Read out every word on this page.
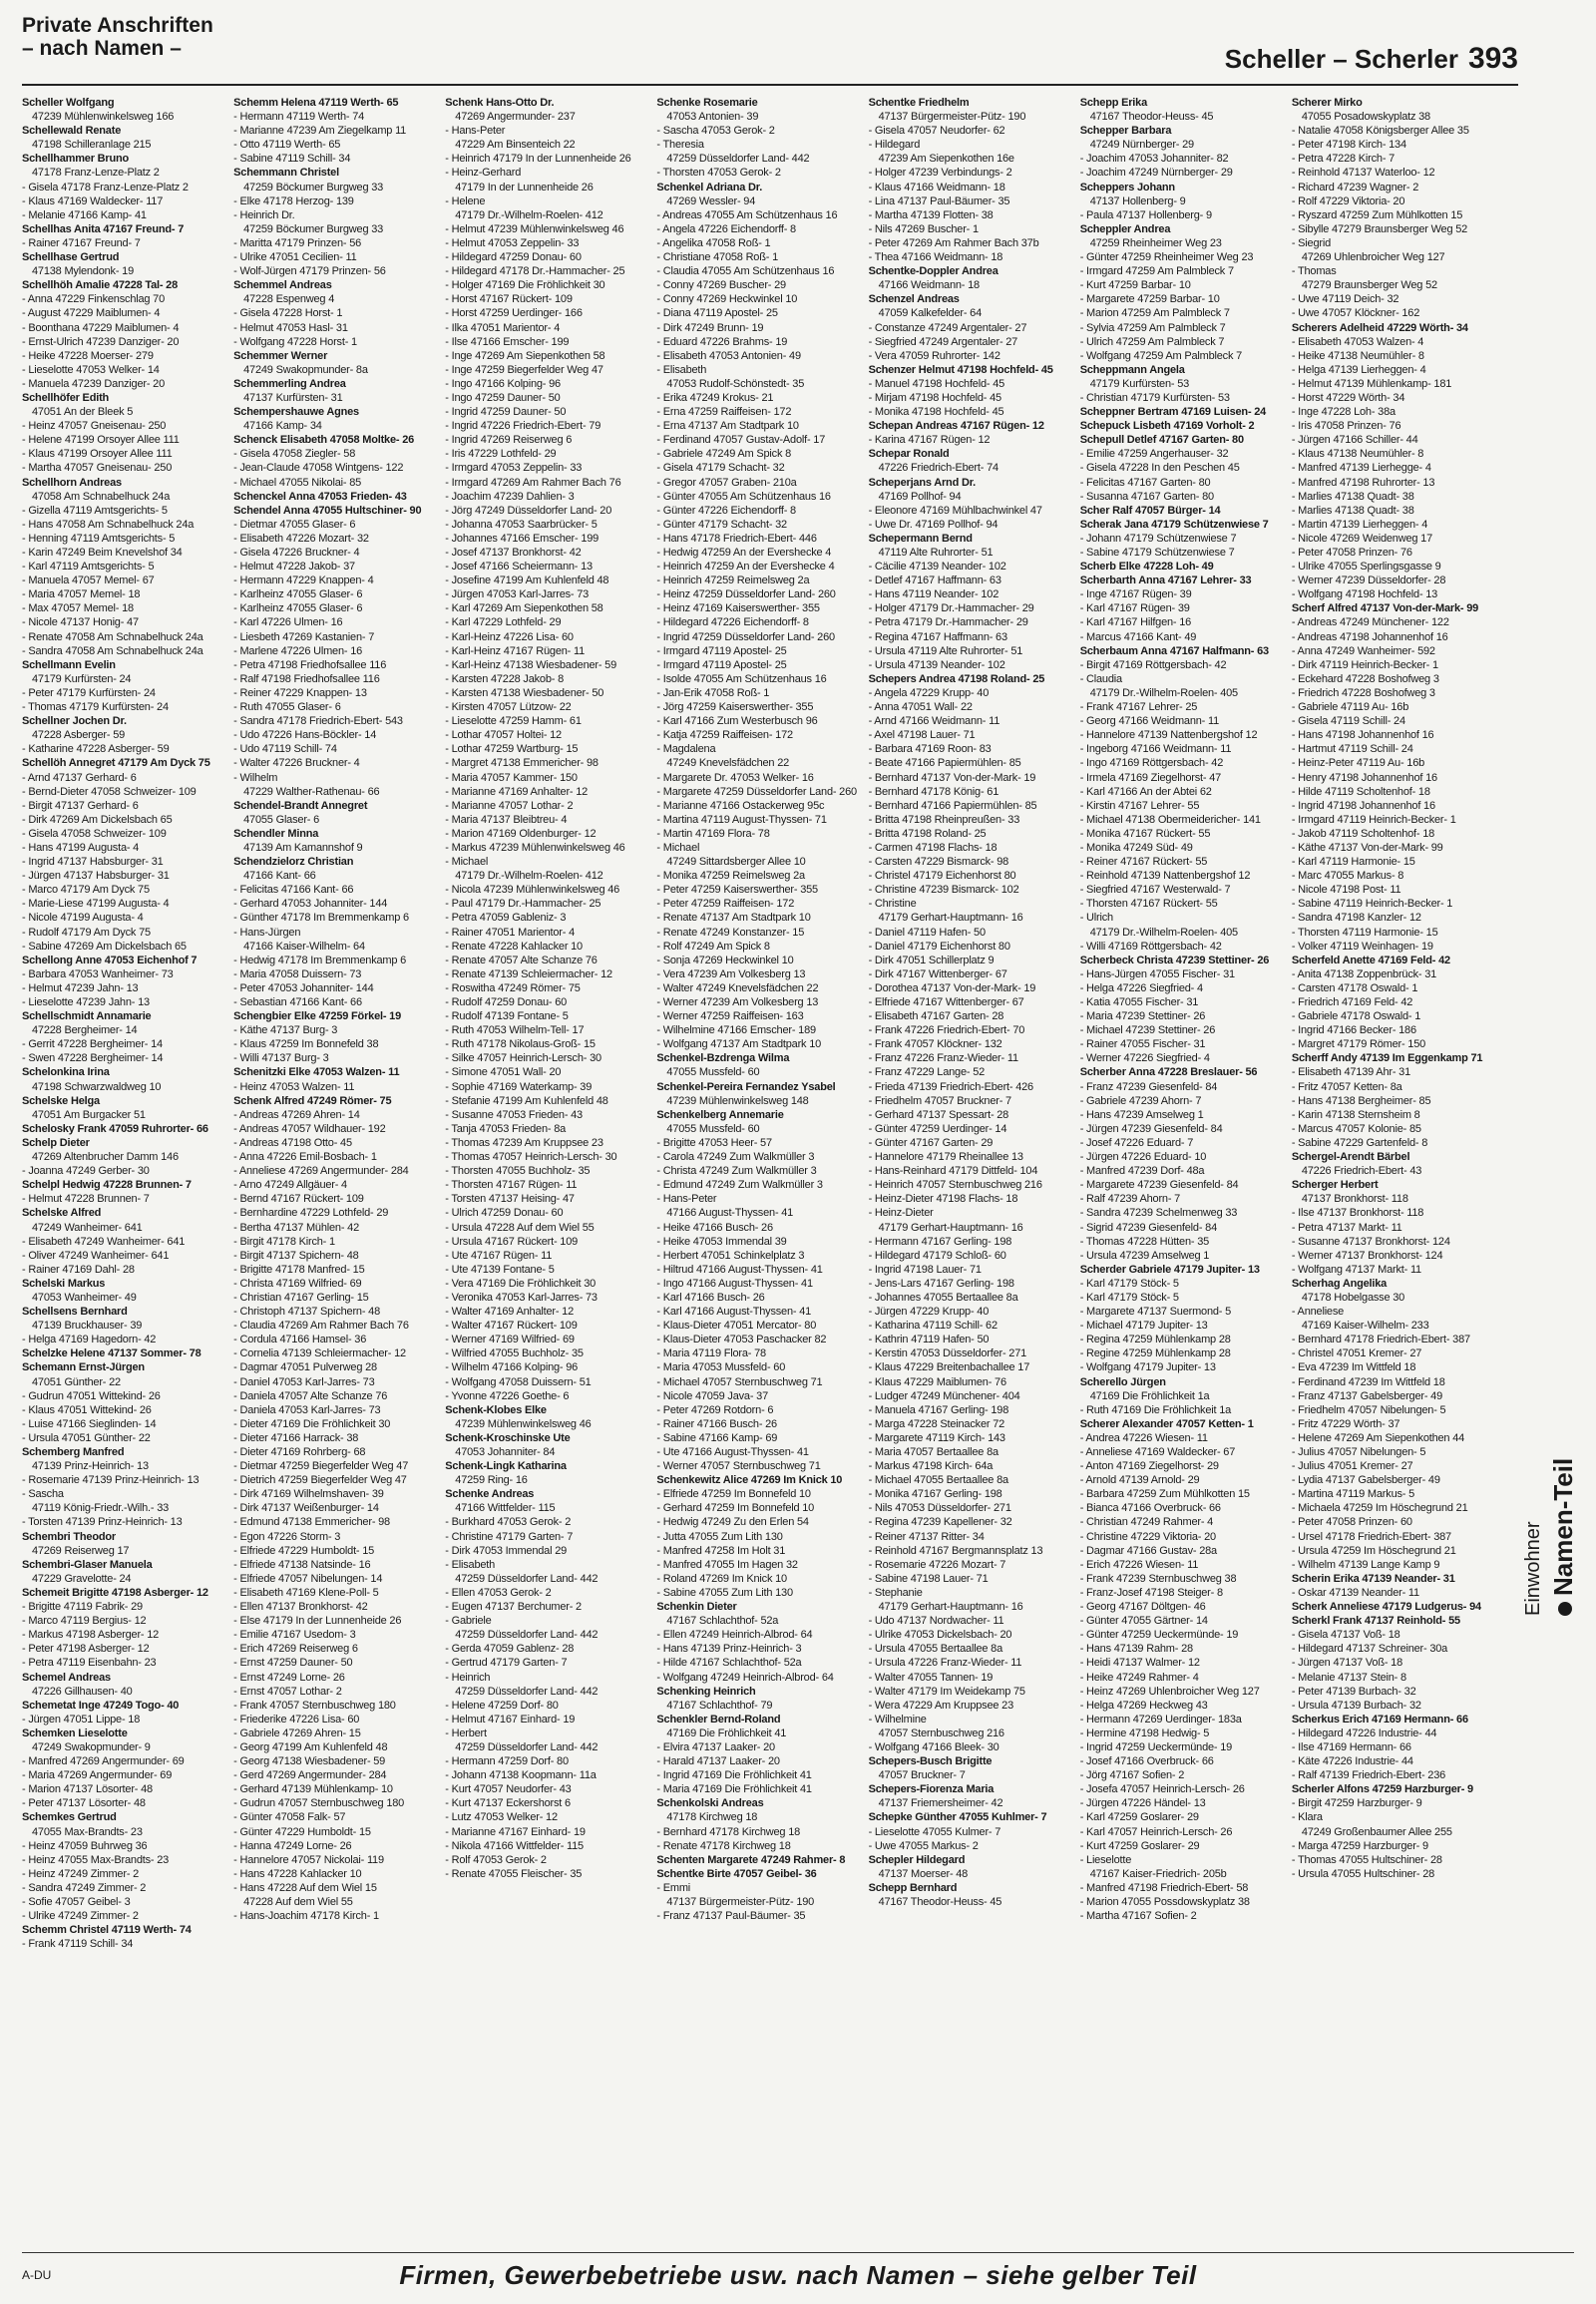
Private Anschriften
– nach Namen –	Scheller – Scherler 393
Scheller Wolfgang
47239 Mühlenwinkelsweg 166
Schellewald Renate
47198 Schilleranlage 215
Schellhammer Bruno
47178 Franz-Lenze-Platz 2
- Gisela 47178 Franz-Lenze-Platz 2
- Klaus 47169 Waldecker- 117
- Melanie 47166 Kamp- 41
Schellhas Anita 47167 Freund- 7
- Rainer 47167 Freund- 7
Schellhase Gertrud
47138 Mylendonk- 19
Schellhöh Amalie 47228 Tal- 28
- Anna 47229 Finkenschlag 70
- August 47229 Maiblumen- 4
- Boonthana 47229 Maiblumen- 4
- Ernst-Ulrich 47239 Danziger- 20
- Heike 47228 Moerser- 279
- Lieselotte 47053 Welker- 14
- Manuela 47239 Danziger- 20
Schellhöfer Edith
47051 An der Bleek 5
- Heinz 47057 Gneisenau- 250
- Helene 47199 Orsoyer Allee 111
- Klaus 47199 Orsoyer Allee 111
- Martha 47057 Gneisenau- 250
Schellhorn Andreas
47058 Am Schnabelhuck 24a
- Gizella 47119 Amtsgerichts- 5
- Hans 47058 Am Schnabelhuck 24a
- Henning 47119 Amtsgerichts- 5
- Karin 47249 Beim Knevelshof 34
- Karl 47119 Amtsgerichts- 5
- Manuela 47057 Memel- 67
- Maria 47057 Memel- 18
- Max 47057 Memel- 18
- Nicole 47137 Honig- 47
- Renate 47058 Am Schnabelhuck 24a
- Sandra 47058 Am Schnabelhuck 24a
Schellmann Evelin
47179 Kurfürsten- 24
- Peter 47179 Kurfürsten- 24
- Thomas 47179 Kurfürsten- 24
Schellner Jochen Dr.
47228 Asberger- 59
- Katharine 47228 Asberger- 59
Schellöh Annegret 47179 Am Dyck 75
- Arnd 47137 Gerhard- 6
- Bernd-Dieter 47058 Schweizer- 109
- Birgit 47137 Gerhard- 6
- Dirk 47269 Am Dickelsbach 65
- Gisela 47058 Schweizer- 109
- Hans 47199 Augusta- 4
- Ingrid 47137 Habsburger- 31
- Jürgen 47137 Habsburger- 31
- Marco 47179 Am Dyck 75
- Marie-Liese 47199 Augusta- 4
- Nicole 47199 Augusta- 4
- Rudolf 47179 Am Dyck 75
- Sabine 47269 Am Dickelsbach 65
Schellong Anne 47053 Eichenhof 7
- Barbara 47053 Wanheimer- 73
- Helmut 47239 Jahn- 13
- Lieselotte 47239 Jahn- 13
Schellschmidt Annamarie
47228 Bergheimer- 14
- Gerrit 47228 Bergheimer- 14
- Swen 47228 Bergheimer- 14
Schelonkina Irina
47198 Schwarzwaldweg 10
Schelske Helga
47051 Am Burgacker 51
Schelosky Frank 47059 Ruhrorter- 66
Schelp Dieter
47269 Altenbrucher Damm 146
- Joanna 47249 Gerber- 30
Schelpl Hedwig 47228 Brunnen- 7
- Helmut 47228 Brunnen- 7
Schelske Alfred
47249 Wanheimer- 641
- Elisabeth 47249 Wanheimer- 641
- Oliver 47249 Wanheimer- 641
- Rainer 47169 Dahl- 28
Schelski Markus
47053 Wanheimer- 49
Schellsens Bernhard
47139 Bruckhauser- 39
- Helga 47169 Hagedorn- 42
Schelzke Helene 47137 Sommer- 78
Schemann Ernst-Jürgen
47051 Günther- 22
- Gudrun 47051 Wittekind- 26
- Klaus 47051 Wittekind- 26
- Luise 47166 Sieglinden- 14
- Ursula 47051 Günther- 22
Schemberg Manfred
47139 Prinz-Heinrich- 13
- Rosemarie 47139 Prinz-Heinrich- 13
- Sascha
47119 König-Friedr.-Wilh.- 33
- Torsten 47139 Prinz-Heinrich- 13
Schembri Theodor
47269 Reiserweg 17
Schembri-Glaser Manuela
47229 Gravelotte- 24
Schemeit Brigitte 47198 Asberger- 12
- Brigitte 47119 Fabrik- 29
- Marco 47119 Bergius- 12
- Markus 47198 Asberger- 12
- Peter 47198 Asberger- 12
- Petra 47119 Eisenbahn- 23
Schemel Andreas
47226 Gillhausen- 40
Schemetat Inge 47249 Togo- 40
- Jürgen 47051 Lippe- 18
Schemken Lieselotte
47249 Swakopmunder- 9
- Manfred 47269 Angermunder- 69
- Maria 47269 Angermunder- 69
- Marion 47137 Lösorter- 48
- Peter 47137 Lösorter- 48
Schemkes Gertrud
47055 Max-Brandts- 23
- Heinz 47059 Buhrweg 36
- Heinz 47055 Max-Brandts- 23
- Heinz 47249 Zimmer- 2
- Sandra 47249 Zimmer- 2
- Sofie 47057 Geibel- 3
- Ulrike 47249 Zimmer- 2
Schemm Christel 47119 Werth- 74
- Frank 47119 Schill- 34
Schemm Helena 47119 Werth- 65
- Hermann 47119 Werth- 74
- Marianne 47239 Am Ziegelkamp 11
- Otto 47119 Werth- 65
- Sabine 47119 Schill- 34
Schemmann Christel
47259 Böckumer Burgweg 33
- Elke 47178 Herzog- 139
- Heinrich Dr.
47259 Böckumer Burgweg 33
- Maritta 47179 Prinzen- 56
- Ulrike 47051 Cecilien- 11
- Wolf-Jürgen 47179 Prinzen- 56
Schemmel Andreas
47228 Espenweg 4
- Gisela 47228 Horst- 1
- Helmut 47053 Hasl- 31
- Wolfgang 47228 Horst- 1
Schemmer Werner
47249 Swakopmunder- 8a
Schemmerling Andrea
47137 Kurfürsten- 31
Schempershauwe Agnes
47166 Kamp- 34
Schenck Elisabeth 47058 Moltke- 26
- Gisela 47058 Ziegler- 58
- Jean-Claude 47058 Wintgens- 122
- Michael 47055 Nikolai- 85
Schenckel Anna 47053 Frieden- 43
Schendel Anna 47055 Hultschiner- 90
- Dietmar 47055 Glaser- 6
- Elisabeth 47226 Mozart- 32
- Gisela 47226 Bruckner- 4
- Helmut 47228 Jakob- 37
- Hermann 47229 Knappen- 4
- Karlheinz 47055 Glaser- 6
- Karlheinz 47055 Glaser- 6
- Karl 47226 Ulmen- 16
- Liesbeth 47269 Kastanien- 7
- Marlene 47226 Ulmen- 16
- Petra 47198 Friedhofsallee 116
- Ralf 47198 Friedhofsallee 116
- Reiner 47229 Knappen- 13
- Ruth 47055 Glaser- 6
- Sandra 47178 Friedrich-Ebert- 543
- Udo 47226 Hans-Böckler- 14
- Udo 47119 Schill- 74
- Walter 47226 Bruckner- 4
- Wilhelm
47229 Walther-Rathenau- 66
Schendel-Brandt Annegret
47055 Glaser- 6
Schendler Minna
47139 Am Kamannshof 9
Schendzielorz Christian
47166 Kant- 66
- Felicitas 47166 Kant- 66
- Gerhard 47053 Johanniter- 144
- Günther 47178 Im Bremmenkamp 6
- Hans-Jürgen
47166 Kaiser-Wilhelm- 64
- Hedwig 47178 Im Bremmenkamp 6
- Maria 47058 Duissern- 73
- Peter 47053 Johanniter- 144
- Sebastian 47166 Kant- 66
Schengbier Elke 47259 Förkel- 19
- Käthe 47137 Burg- 3
- Klaus 47259 Im Bonnefeld 38
- Willi 47137 Burg- 3
Schenitzki Elke 47053 Walzen- 11
- Heinz 47053 Walzen- 11
Schenk Alfred 47249 Römer- 75
- Andreas 47269 Ahren- 14
- Andreas 47057 Wildhauer- 192
- Andreas 47198 Otto- 45
- Anna 47226 Emil-Bosbach- 1
- Anneliese 47269 Angermunder- 284
- Arno 47249 Allgäuer- 4
- Bernd 47167 Rückert- 109
- Bernhardine 47229 Lothfeld- 29
- Bertha 47137 Mühlen- 42
- Birgit 47178 Kirch- 1
- Birgit 47137 Spichern- 48
- Brigitte 47178 Manfred- 15
- Christa 47169 Wilfried- 69
- Christian 47167 Gerling- 15
- Christoph 47137 Spichern- 48
- Claudia 47269 Am Rahmer Bach 76
- Cordula 47166 Hamsel- 36
- Cornelia 47139 Schleiermacher- 12
- Dagmar 47051 Pulverweg 28
- Daniel 47053 Karl-Jarres- 73
- Daniela 47057 Alte Schanze 76
- Daniela 47053 Karl-Jarres- 73
- Dieter 47169 Die Fröhlichkeit 30
- Dieter 47166 Harrack- 38
- Dieter 47169 Rohrberg- 68
- Dietmar 47259 Biegerfelder Weg 47
- Dietrich 47259 Biegerfelder Weg 47
- Dirk 47169 Wilhelmshaven- 39
- Dirk 47137 Weißenburger- 14
- Edmund 47138 Emmericher- 98
- Egon 47226 Storm- 3
- Elfriede 47229 Humboldt- 15
- Elfriede 47138 Natsinde- 16
- Elfriede 47057 Nibelungen- 14
- Elisabeth 47169 Klene-Poll- 5
- Ellen 47137 Bronkhorst- 42
- Else 47179 In der Lunnenheide 26
- Emilie 47167 Usedom- 3
- Erich 47269 Reiserweg 6
- Ernst 47259 Dauner- 50
- Ernst 47249 Lorne- 26
- Ernst 47057 Lothar- 2
- Frank 47057 Sternbuschweg 180
- Friederike 47226 Lisa- 60
- Gabriele 47269 Ahren- 15
- Georg 47199 Am Kuhlenfeld 48
- Georg 47138 Wiesbadener- 59
- Gerd 47269 Angermunder- 284
- Gerhard 47139 Mühlenkamp- 10
- Gudrun 47057 Sternbuschweg 180
- Günter 47058 Falk- 57
- Günter 47229 Humboldt- 15
- Hanna 47249 Lorne- 26
- Hannelore 47057 Nickolai- 119
- Hans 47228 Kahlacker 10
- Hans 47228 Auf dem Wiel 15
47228 Auf dem Wiel 55
- Hans-Joachim 47178 Kirch- 1
Schenk Hans-Otto Dr.
47269 Angermunder- 237
- Hans-Peter
47229 Am Binsenteich 22
- Heinrich 47179 In der Lunnenheide 26
- Heinz-Gerhard
47179 In der Lunnenheide 26
- Helene
47179 Dr.-Wilhelm-Roelen- 412
- Helmut 47239 Mühlenwinkelsweg 46
- Helmut 47053 Zeppelin- 33
- Hildegard 47259 Donau- 60
- Hildegard 47178 Dr.-Hammacher- 25
- Holger 47169 Die Fröhlichkeit 30
- Horst 47167 Rückert- 109
- Horst 47259 Uerdinger- 166
- Ilka 47051 Marientor- 4
- Ilse 47166 Emscher- 199
- Inge 47269 Am Siepenkothen 58
- Inge 47259 Biegerfelder Weg 47
- Ingo 47166 Kolping- 96
- Ingo 47259 Dauner- 50
- Ingrid 47259 Dauner- 50
- Ingrid 47226 Friedrich-Ebert- 79
- Ingrid 47269 Reiserweg 6
- Iris 47229 Lothfeld- 29
- Irmgard 47053 Zeppelin- 33
- Irmgard 47269 Am Rahmer Bach 76
- Joachim 47239 Dahlien- 3
- Jörg 47249 Düsseldorfer Land- 20
- Johanna 47053 Saarbrücker- 5
- Johannes 47166 Emscher- 199
- Josef 47137 Bronkhorst- 42
- Josef 47166 Scheiermann- 13
- Josefine 47199 Am Kuhlenfeld 48
- Jürgen 47053 Karl-Jarres- 73
- Karl 47269 Am Siepenkothen 58
- Karl 47229 Lothfeld- 29
- Karl-Heinz 47226 Lisa- 60
- Karl-Heinz 47167 Rügen- 11
- Karl-Heinz 47138 Wiesbadener- 59
- Karsten 47228 Jakob- 8
- Karsten 47138 Wiesbadener- 50
- Kirsten 47057 Lützow- 22
- Lieselotte 47259 Hamm- 61
- Lothar 47057 Holtei- 12
- Lothar 47259 Wartburg- 15
- Margret 47138 Emmericher- 98
- Maria 47057 Kammer- 150
- Marianne 47169 Anhalter- 12
- Marianne 47057 Lothar- 2
- Maria 47137 Bleibtreu- 4
- Marion 47169 Oldenburger- 12
- Markus 47239 Mühlenwinkelsweg 46
- Michael
47179 Dr.-Wilhelm-Roelen- 412
- Nicola 47239 Mühlenwinkelsweg 46
- Paul 47179 Dr.-Hammacher- 25
- Petra 47059 Gableniz- 3
- Rainer 47051 Marientor- 4
- Renate 47228 Kahlacker 10
- Renate 47057 Alte Schanze 76
- Renate 47139 Schleiermacher- 12
- Roswitha 47249 Römer- 75
- Rudolf 47259 Donau- 60
- Rudolf 47139 Fontane- 5
- Ruth 47053 Wilhelm-Tell- 17
- Ruth 47178 Nikolaus-Groß- 15
- Silke 47057 Heinrich-Lersch- 30
- Simone 47051 Wall- 20
- Sophie 47169 Waterkamp- 39
- Stefanie 47199 Am Kuhlenfeld 48
- Susanne 47053 Frieden- 43
- Tanja 47053 Frieden- 8a
- Thomas 47239 Am Kruppsee 23
- Thomas 47057 Heinrich-Lersch- 30
- Thorsten 47055 Buchholz- 35
- Thorsten 47167 Rügen- 11
- Torsten 47137 Heising- 47
- Ulrich 47259 Donau- 60
- Ursula 47228 Auf dem Wiel 55
- Ursula 47167 Rückert- 109
- Ute 47167 Rügen- 11
- Ute 47139 Fontane- 5
- Vera 47169 Die Fröhlichkeit 30
- Veronika 47053 Karl-Jarres- 73
- Walter 47169 Anhalter- 12
- Walter 47167 Rückert- 109
- Werner 47169 Wilfried- 69
- Wilfried 47055 Buchholz- 35
- Wilhelm 47166 Kolping- 96
- Wolfgang 47058 Duissern- 51
- Yvonne 47226 Goethe- 6
Schenk-Klobes Elke
47239 Mühlenwinkelsweg 46
Schenk-Kroschinske Ute
47053 Johanniter- 84
Schenk-Lingk Katharina
47259 Ring- 16
Schenke Andreas
47166 Wittfelder- 115
- Burkhard 47053 Gerok- 2
- Christine 47179 Garten- 7
- Dirk 47053 Immendal 29
- Elisabeth
47259 Düsseldorfer Land- 442
- Ellen 47053 Gerok- 2
- Eugen 47137 Berchumer- 2
- Gabriele
47259 Düsseldorfer Land- 442
- Gerda 47059 Gablenz- 28
- Gertrud 47179 Garten- 7
- Heinrich
47259 Düsseldorfer Land- 442
- Helene 47259 Dorf- 80
- Helmut 47167 Einhard- 19
- Herbert
47259 Düsseldorfer Land- 442
- Hermann 47259 Dorf- 80
- Johann 47138 Koopmann- 11a
- Kurt 47057 Neudorfer- 43
- Kurt 47137 Eckershorst 6
- Lutz 47053 Welker- 12
- Marianne 47167 Einhard- 19
- Nikola 47166 Wittfelder- 115
- Rolf 47053 Gerok- 2
- Renate 47055 Fleischer- 35
Schenke Rosemarie
47053 Antonien- 39
- Sascha 47053 Gerok- 2
- Theresia
47259 Düsseldorfer Land- 442
- Thorsten 47053 Gerok- 2
Schenkel Adriana Dr.
47269 Wessler- 94
- Andreas 47055 Am Schützenhaus 16
- Angela 47226 Eichendorff- 8
- Angelika 47058 Roß- 1
- Christiane 47058 Roß- 1
- Claudia 47055 Am Schützenhaus 16
- Conny 47269 Buscher- 29
- Conny 47269 Heckwinkel 10
- Diana 47119 Apostel- 25
- Dirk 47249 Brunn- 19
- Eduard 47226 Brahms- 19
- Elisabeth 47053 Antonien- 49
- Elisabeth
47053 Rudolf-Schönstedt- 35
- Erika 47249 Krokus- 21
- Erna 47259 Raiffeisen- 172
- Erna 47137 Am Stadtpark 10
- Ferdinand 47057 Gustav-Adolf- 17
- Gabriele 47249 Am Spick 8
- Gisela 47179 Schacht- 32
- Gregor 47057 Graben- 210a
- Günter 47055 Am Schützenhaus 16
- Günter 47226 Eichendorff- 8
- Günter 47179 Schacht- 32
- Hans 47178 Friedrich-Ebert- 446
- Hedwig 47259 An der Evershecke 4
- Heinrich 47259 An der Evershecke 4
- Heinrich 47259 Reimelsweg 2a
- Heinz 47259 Düsseldorfer Land- 260
- Heinz 47169 Kaiserswerther- 355
- Hildegard 47226 Eichendorff- 8
- Ingrid 47259 Düsseldorfer Land- 260
- Irmgard 47119 Apostel- 25
- Irmgard 47119 Apostel- 25
- Isolde 47055 Am Schützenhaus 16
- Jan-Erik 47058 Roß- 1
- Jörg 47259 Kaiserswerther- 355
- Karl 47166 Zum Westerbusch 96
- Katja 47259 Raiffeisen- 172
- Magdalena
47249 Knevelsfädchen 22
- Margarete Dr. 47053 Welker- 16
- Margarete 47259 Düsseldorfer Land- 260
- Marianne 47166 Ostackerweg 95c
- Martina 47119 August-Thyssen- 71
- Martin 47169 Flora- 78
- Michael
47249 Sittardsberger Allee 10
- Monika 47259 Reimelsweg 2a
- Peter 47259 Kaiserswerther- 355
- Peter 47259 Raiffeisen- 172
- Renate 47137 Am Stadtpark 10
- Renate 47249 Konstanzer- 15
- Rolf 47249 Am Spick 8
- Sonja 47269 Heckwinkel 10
- Vera 47239 Am Volkesberg 13
- Walter 47249 Knevelsfädchen 22
- Werner 47239 Am Volkesberg 13
- Werner 47259 Raiffeisen- 163
- Wilhelmine 47166 Emscher- 189
- Wolfgang 47137 Am Stadtpark 10
Schenkel-Bzdrenga Wilma
47055 Mussfeld- 60
Schenkel-Pereira Fernandez Ysabel
47239 Mühlenwinkelsweg 148
Schenkelberg Annemarie
47055 Mussfeld- 60
- Brigitte 47053 Heer- 57
- Carola 47249 Zum Walkmüller 3
- Christa 47249 Zum Walkmüller 3
- Edmund 47249 Zum Walkmüller 3
- Hans-Peter
47166 August-Thyssen- 41
- Heike 47166 Busch- 26
- Heike 47053 Immendal 39
- Herbert 47051 Schinkelplatz 3
- Hiltrud 47166 August-Thyssen- 41
- Ingo 47166 August-Thyssen- 41
- Karl 47166 Busch- 26
- Karl 47166 August-Thyssen- 41
- Klaus-Dieter 47051 Mercator- 80
- Klaus-Dieter 47053 Paschacker 82
- Maria 47119 Flora- 78
- Maria 47053 Mussfeld- 60
- Michael 47057 Sternbuschweg 71
- Nicole 47059 Java- 37
- Peter 47269 Rotdorn- 6
- Rainer 47166 Busch- 26
- Sabine 47166 Kamp- 69
- Ute 47166 August-Thyssen- 41
- Werner 47057 Sternbuschweg 71
Schenkewitz Alice 47269 Im Knick 10
- Elfriede 47259 Im Bonnefeld 10
- Gerhard 47259 Im Bonnefeld 10
- Hedwig 47249 Zu den Erlen 54
- Jutta 47055 Zum Lith 130
- Manfred 47258 Im Holt 31
- Manfred 47055 Im Hagen 32
- Roland 47269 Im Knick 10
- Sabine 47055 Zum Lith 130
Schenkin Dieter
47167 Schlachthof- 52a
- Ellen 47249 Heinrich-Albrod- 64
- Hans 47139 Prinz-Heinrich- 3
- Hilde 47167 Schlachthof- 52a
- Wolfgang 47249 Heinrich-Albrod- 64
Schenking Heinrich
47167 Schlachthof- 79
Schenkler Bernd-Roland
47169 Die Fröhlichkeit 41
- Elvira 47137 Laaker- 20
- Harald 47137 Laaker- 20
- Ingrid 47169 Die Fröhlichkeit 41
- Maria 47169 Die Fröhlichkeit 41
Schenkolski Andreas
47178 Kirchweg 18
- Bernhard 47178 Kirchweg 18
- Renate 47178 Kirchweg 18
Schenten Margarete 47249 Rahmer- 8
Schentke Birte 47057 Geibel- 36
- Emmi
47137 Bürgermeister-Pütz- 190
- Franz 47137 Paul-Bäumer- 35
Schentke Friedhelm
47137 Bürgermeister-Pütz- 190
- Gisela 47057 Neudorfer- 62
- Hildegard
47239 Am Siepenkothen 16e
- Holger 47239 Verbindungs- 2
- Klaus 47166 Weidmann- 18
- Lina 47137 Paul-Bäumer- 35
- Martha 47139 Flotten- 38
- Nils 47269 Buscher- 1
- Peter 47269 Am Rahmer Bach 37b
- Thea 47166 Weidmann- 18
Schentke-Doppler Andrea
47166 Weidmann- 18
Schenzel Andreas
47059 Kalkefelder- 64
- Constanze 47249 Argentaler- 27
- Siegfried 47249 Argentaler- 27
- Vera 47059 Ruhrorter- 142
Schenzer Helmut 47198 Hochfeld- 45
- Manuel 47198 Hochfeld- 45
- Mirjam 47198 Hochfeld- 45
- Monika 47198 Hochfeld- 45
Schepan Andreas 47167 Rügen- 12
- Karina 47167 Rügen- 12
Schepar Ronald
47226 Friedrich-Ebert- 74
Scheperjans Arnd Dr.
47169 Pollhof- 94
- Eleonore 47169 Mühlbachwinkel 47
- Uwe Dr. 47169 Pollhof- 94
Schepermann Bernd
47119 Alte Ruhrorter- 51
- Cäcilie 47139 Neander- 102
- Detlef 47167 Haffmann- 63
- Hans 47119 Neander- 102
- Holger 47179 Dr.-Hammacher- 29
- Petra 47179 Dr.-Hammacher- 29
- Regina 47167 Haffmann- 63
- Ursula 47119 Alte Ruhrorter- 51
- Ursula 47139 Neander- 102
Schepers Andrea 47198 Roland- 25
- Angela 47229 Krupp- 40
- Anna 47051 Wall- 22
- Arnd 47166 Weidmann- 11
- Axel 47198 Lauer- 71
- Barbara 47169 Roon- 83
- Beate 47166 Papiermühlen- 85
- Bernhard 47137 Von-der-Mark- 19
- Bernhard 47178 König- 61
- Bernhard 47166 Papiermühlen- 85
- Britta 47198 Rheinpreußen- 33
- Britta 47198 Roland- 25
- Carmen 47198 Flachs- 18
- Carsten 47229 Bismarck- 98
- Christel 47179 Eichenhorst 80
- Christine 47239 Bismarck- 102
- Christine
47179 Gerhart-Hauptmann- 16
- Daniel 47119 Hafen- 50
- Daniel 47179 Eichenhorst 80
- Dirk 47051 Schillerplatz 9
- Dirk 47167 Wittenberger- 67
- Dorothea 47137 Von-der-Mark- 19
- Elfriede 47167 Wittenberger- 67
- Elisabeth 47167 Garten- 28
- Frank 47226 Friedrich-Ebert- 70
- Frank 47057 Klöckner- 132
- Franz 47226 Franz-Wieder- 11
- Franz 47229 Lange- 52
- Frieda 47139 Friedrich-Ebert- 426
- Friedhelm 47057 Bruckner- 7
- Gerhard 47137 Spessart- 28
- Günter 47259 Uerdinger- 14
- Günter 47167 Garten- 29
- Hannelore 47179 Rheinallee 13
- Hans-Reinhard 47179 Dittfeld- 104
- Heinrich 47057 Sternbuschweg 216
- Heinz-Dieter 47198 Flachs- 18
- Heinz-Dieter
47179 Gerhart-Hauptmann- 16
- Hermann 47167 Gerling- 198
- Hildegard 47179 Schloß- 60
- Ingrid 47198 Lauer- 71
- Jens-Lars 47167 Gerling- 198
- Johannes 47055 Bertaallee 8a
- Jürgen 47229 Krupp- 40
- Katharina 47119 Schill- 62
- Kathrin 47119 Hafen- 50
- Kerstin 47053 Düsseldorfer- 271
- Klaus 47229 Breitenbachallee 17
- Klaus 47229 Maiblumen- 76
- Ludger 47249 Münchener- 404
- Manuela 47167 Gerling- 198
- Marga 47228 Steinacker 72
- Margarete 47119 Kirch- 143
- Maria 47057 Bertaallee 8a
- Markus 47198 Kirch- 64a
- Michael 47055 Bertaallee 8a
- Monika 47167 Gerling- 198
- Nils 47053 Düsseldorfer- 271
- Regina 47239 Kapellener- 32
- Reiner 47137 Ritter- 34
- Reinhold 47167 Bergmannsplatz 13
- Rosemarie 47226 Mozart- 7
- Sabine 47198 Lauer- 71
- Stephanie
47179 Gerhart-Hauptmann- 16
- Udo 47137 Nordwacher- 11
- Ulrike 47053 Dickelsbach- 20
- Ursula 47055 Bertaallee 8a
- Ursula 47226 Franz-Wieder- 11
- Walter 47055 Tannen- 19
- Walter 47179 Im Weidekamp 75
- Wera 47229 Am Kruppsee 23
- Wilhelmine
47057 Sternbuschweg 216
- Wolfgang 47166 Bleek- 30
Schepers-Busch Brigitte
47057 Bruckner- 7
Schepers-Fiorenza Maria
47137 Friemersheimer- 42
Schepke Günther 47055 Kuhlmer- 7
- Lieselotte 47055 Kulmer- 7
- Uwe 47055 Markus- 2
Schepler Hildegard
47137 Moerser- 48
Schepp Bernhard
47167 Theodor-Heuss- 45
Schepp Erika
47167 Theodor-Heuss- 45
Schepper Barbara
47249 Nürnberger- 29
- Joachim 47053 Johanniter- 82
- Joachim 47249 Nürnberger- 29
Scheppers Johann
47137 Hollenberg- 9
- Paula 47137 Hollenberg- 9
Scheppler Andrea
47259 Rheinheimer Weg 23
- Günter 47259 Rheinheimer Weg 23
- Irmgard 47259 Am Palmbleck 7
- Kurt 47259 Barbar- 10
- Margarete 47259 Barbar- 10
- Marion 47259 Am Palmbleck 7
- Sylvia 47259 Am Palmbleck 7
- Ulrich 47259 Am Palmbleck 7
- Wolfgang 47259 Am Palmbleck 7
Scheppmann Angela
47179 Kurfürsten- 53
- Christian 47179 Kurfürsten- 53
Scheppner Bertram 47169 Luisen- 24
Schepuck Lisbeth 47169 Vorholt- 2
Schepull Detlef 47167 Garten- 80
- Emilie 47259 Angerhauser- 32
- Gisela 47228 In den Peschen 45
- Felicitas 47167 Garten- 80
- Susanna 47167 Garten- 80
Scher Ralf 47057 Bürger- 14
Scherak Jana 47179 Schützenwiese 7
- Johann 47179 Schützenwiese 7
- Sabine 47179 Schützenwiese 7
Scherb Elke 47228 Loh- 49
Scherbarth Anna 47167 Lehrer- 33
- Inge 47167 Rügen- 39
- Karl 47167 Rügen- 39
- Karl 47167 Hilfgen- 16
- Marcus 47166 Kant- 49
Scherbaum Anna 47167 Halfmann- 63
- Birgit 47169 Röttgersbach- 42
- Claudia
47179 Dr.-Wilhelm-Roelen- 405
- Frank 47167 Lehrer- 25
- Georg 47166 Weidmann- 11
- Hannelore 47139 Nattenbergshof 12
- Ingeborg 47166 Weidmann- 11
- Ingo 47169 Röttgersbach- 42
- Irmela 47169 Ziegelhorst- 47
- Karl 47166 An der Abtei 62
- Kirstin 47167 Lehrer- 55
- Michael 47138 Obermeidericher- 141
- Monika 47167 Rückert- 55
- Monika 47249 Süd- 49
- Reiner 47167 Rückert- 55
- Reinhold 47139 Nattenbergshof 12
- Siegfried 47167 Westerwald- 7
- Thorsten 47167 Rückert- 55
- Ulrich
47179 Dr.-Wilhelm-Roelen- 405
- Willi 47169 Röttgersbach- 42
Scherbeck Christa 47239 Stettiner- 26
- Hans-Jürgen 47055 Fischer- 31
- Helga 47226 Siegfried- 4
- Katia 47055 Fischer- 31
- Maria 47239 Stettiner- 26
- Michael 47239 Stettiner- 26
- Rainer 47055 Fischer- 31
- Werner 47226 Siegfried- 4
Scherber Anna 47228 Breslauer- 56
- Franz 47239 Giesenfeld- 84
- Gabriele 47239 Ahorn- 7
- Hans 47239 Amselweg 1
- Jürgen 47239 Giesenfeld- 84
- Josef 47226 Eduard- 7
- Jürgen 47226 Eduard- 10
- Manfred 47239 Dorf- 48a
- Margarete 47239 Giesenfeld- 84
- Ralf 47239 Ahorn- 7
- Sandra 47239 Schelmenweg 33
- Sigrid 47239 Giesenfeld- 84
- Thomas 47228 Hütten- 35
- Ursula 47239 Amselweg 1
Scherder Gabriele 47179 Jupiter- 13
- Karl 47179 Stöck- 5
- Karl 47179 Stöck- 5
- Margarete 47137 Suermond- 5
- Michael 47179 Jupiter- 13
- Regina 47259 Mühlenkamp 28
- Regine 47259 Mühlenkamp 28
- Wolfgang 47179 Jupiter- 13
Scherello Jürgen
47169 Die Fröhlichkeit 1a
- Ruth 47169 Die Fröhlichkeit 1a
Scherer Alexander 47057 Ketten- 1
- Andrea 47226 Wiesen- 11
- Anneliese 47169 Waldecker- 67
- Anton 47169 Ziegelhorst- 29
- Arnold 47139 Arnold- 29
- Barbara 47259 Zum Mühlkotten 15
- Bianca 47166 Overbruck- 66
- Christian 47249 Rahmer- 4
- Christine 47229 Viktoria- 20
- Dagmar 47166 Gustav- 28a
- Erich 47226 Wiesen- 11
- Frank 47239 Sternbuschweg 38
- Franz-Josef 47198 Steiger- 8
- Georg 47167 Döltgen- 46
- Günter 47055 Gärtner- 14
- Günter 47259 Ueckermünde- 19
- Hans 47139 Rahm- 28
- Heidi 47137 Walmer- 12
- Heike 47249 Rahmer- 4
- Heinz 47269 Uhlenbroicher Weg 127
- Helga 47269 Heckweg 43
- Hermann 47269 Uerdinger- 183a
- Hermine 47198 Hedwig- 5
- Ingrid 47259 Ueckermünde- 19
- Josef 47166 Overbruck- 66
- Jörg 47167 Sofien- 2
- Josefa 47057 Heinrich-Lersch- 26
- Jürgen 47226 Händel- 13
- Karl 47259 Goslarer- 29
- Karl 47057 Heinrich-Lersch- 26
- Kurt 47259 Goslarer- 29
- Lieselotte
47167 Kaiser-Friedrich- 205b
- Manfred 47198 Friedrich-Ebert- 58
- Marion 47055 Possdowskyplatz 38
- Martha 47167 Sofien- 2
Scherer Mirko
47055 Posadowskyplatz 38
- Natalie 47058 Königsberger Allee 35
- Peter 47198 Kirch- 134
- Petra 47228 Kirch- 7
- Reinhold 47137 Waterloo- 12
- Richard 47239 Wagner- 2
- Rolf 47229 Viktoria- 20
- Ryszard 47259 Zum Mühlkotten 15
- Sibylle 47279 Braunsberger Weg 52
- Siegrid
47269 Uhlenbroicher Weg 127
- Thomas
47279 Braunsberger Weg 52
- Uwe 47119 Deich- 32
- Uwe 47057 Klöckner- 162
Scherers Adelheid 47229 Wörth- 34
- Elisabeth 47053 Walzen- 4
- Heike 47138 Neumühler- 8
- Helga 47139 Lierheggen- 4
- Helmut 47139 Mühlenkamp- 181
- Horst 47229 Wörth- 34
- Inge 47228 Loh- 38a
- Iris 47058 Prinzen- 76
- Jürgen 47166 Schiller- 44
- Klaus 47138 Neumühler- 8
- Manfred 47139 Lierhegge- 4
- Manfred 47198 Ruhrorter- 13
- Marlies 47138 Quadt- 38
- Marlies 47138 Quadt- 38
- Martin 47139 Lierheggen- 4
- Nicole 47269 Weidenweg 17
- Peter 47058 Prinzen- 76
- Ulrike 47055 Sperlingsgasse 9
- Werner 47239 Düsseldorfer- 28
- Wolfgang 47198 Hochfeld- 13
Scherf Alfred 47137 Von-der-Mark- 99
- Andreas 47249 Münchener- 122
- Andreas 47198 Johannenhof 16
- Anna 47249 Wanheimer- 592
- Dirk 47119 Heinrich-Becker- 1
- Eckehard 47228 Boshofweg 3
- Friedrich 47228 Boshofweg 3
- Gabriele 47119 Au- 16b
- Gisela 47119 Schill- 24
- Hans 47198 Johannenhof 16
- Hartmut 47119 Schill- 24
- Heinz-Peter 47119 Au- 16b
- Henry 47198 Johannenhof 16
- Hilde 47119 Scholtenhof- 18
- Ingrid 47198 Johannenhof 16
- Irmgard 47119 Heinrich-Becker- 1
- Jakob 47119 Scholtenhof- 18
- Käthe 47137 Von-der-Mark- 99
- Karl 47119 Harmonie- 15
- Marc 47055 Markus- 8
- Nicole 47198 Post- 11
- Sabine 47119 Heinrich-Becker- 1
- Sandra 47198 Kanzler- 12
- Thorsten 47119 Harmonie- 15
- Volker 47119 Weinhagen- 19
Scherfeld Anette 47169 Feld- 42
- Anita 47138 Zoppenbrück- 31
- Carsten 47178 Oswald- 1
- Friedrich 47169 Feld- 42
- Gabriele 47178 Oswald- 1
- Ingrid 47166 Becker- 186
- Margret 47179 Römer- 150
Scherff Andy 47139 Im Eggenkamp 71
- Elisabeth 47139 Ahr- 31
- Fritz 47057 Ketten- 8a
- Hans 47138 Bergheimer- 85
- Karin 47138 Sternsheim 8
- Marcus 47057 Kolonie- 85
- Sabine 47229 Gartenfeld- 8
Schergel-Arendt Bärbel
47226 Friedrich-Ebert- 43
Scherger Herbert
47137 Bronkhorst- 118
- Ilse 47137 Bronkhorst- 118
- Petra 47137 Markt- 11
- Susanne 47137 Bronkhorst- 124
- Werner 47137 Bronkhorst- 124
- Wolfgang 47137 Markt- 11
Scherhag Angelika
47178 Hobelgasse 30
- Anneliese
47169 Kaiser-Wilhelm- 233
- Bernhard 47178 Friedrich-Ebert- 387
- Christel 47051 Kremer- 27
- Eva 47239 Im Wittfeld 18
- Ferdinand 47239 Im Wittfeld 18
- Franz 47137 Gabelsberger- 49
- Friedhelm 47057 Nibelungen- 5
- Fritz 47229 Wörth- 37
- Helene 47269 Am Siepenkothen 44
- Julius 47057 Nibelungen- 5
- Julius 47051 Kremer- 27
- Lydia 47137 Gabelsberger- 49
- Martina 47119 Markus- 5
- Michaela 47259 Im Höschegrund 21
- Peter 47058 Prinzen- 60
- Ursel 47178 Friedrich-Ebert- 387
- Ursula 47259 Im Höschegrund 21
- Wilhelm 47139 Lange Kamp 9
Scherin Erika 47139 Neander- 31
- Oskar 47139 Neander- 11
Scherk Anneliese 47179 Ludgerus- 94
Scherkl Frank 47137 Reinhold- 55
- Gisela 47137 Voß- 18
- Hildegard 47137 Schreiner- 30a
- Jürgen 47137 Voß- 18
- Melanie 47137 Stein- 8
- Peter 47139 Burbach- 32
- Ursula 47139 Burbach- 32
Scherkus Erich 47169 Hermann- 66
- Hildegard 47226 Industrie- 44
- Ilse 47169 Hermann- 66
- Käte 47226 Industrie- 44
- Ralf 47139 Friedrich-Ebert- 236
Scherler Alfons 47259 Harzburger- 9
- Birgit 47259 Harzburger- 9
- Klara
47249 Großenbaumer Allee 255
- Marga 47259 Harzburger- 9
- Thomas 47055 Hultschiner- 28
- Ursula 47055 Hultschiner- 28
Einwohner Namen-Teil
A-DU	Firmen, Gewerbebetriebe usw. nach Namen – siehe gelber Teil
